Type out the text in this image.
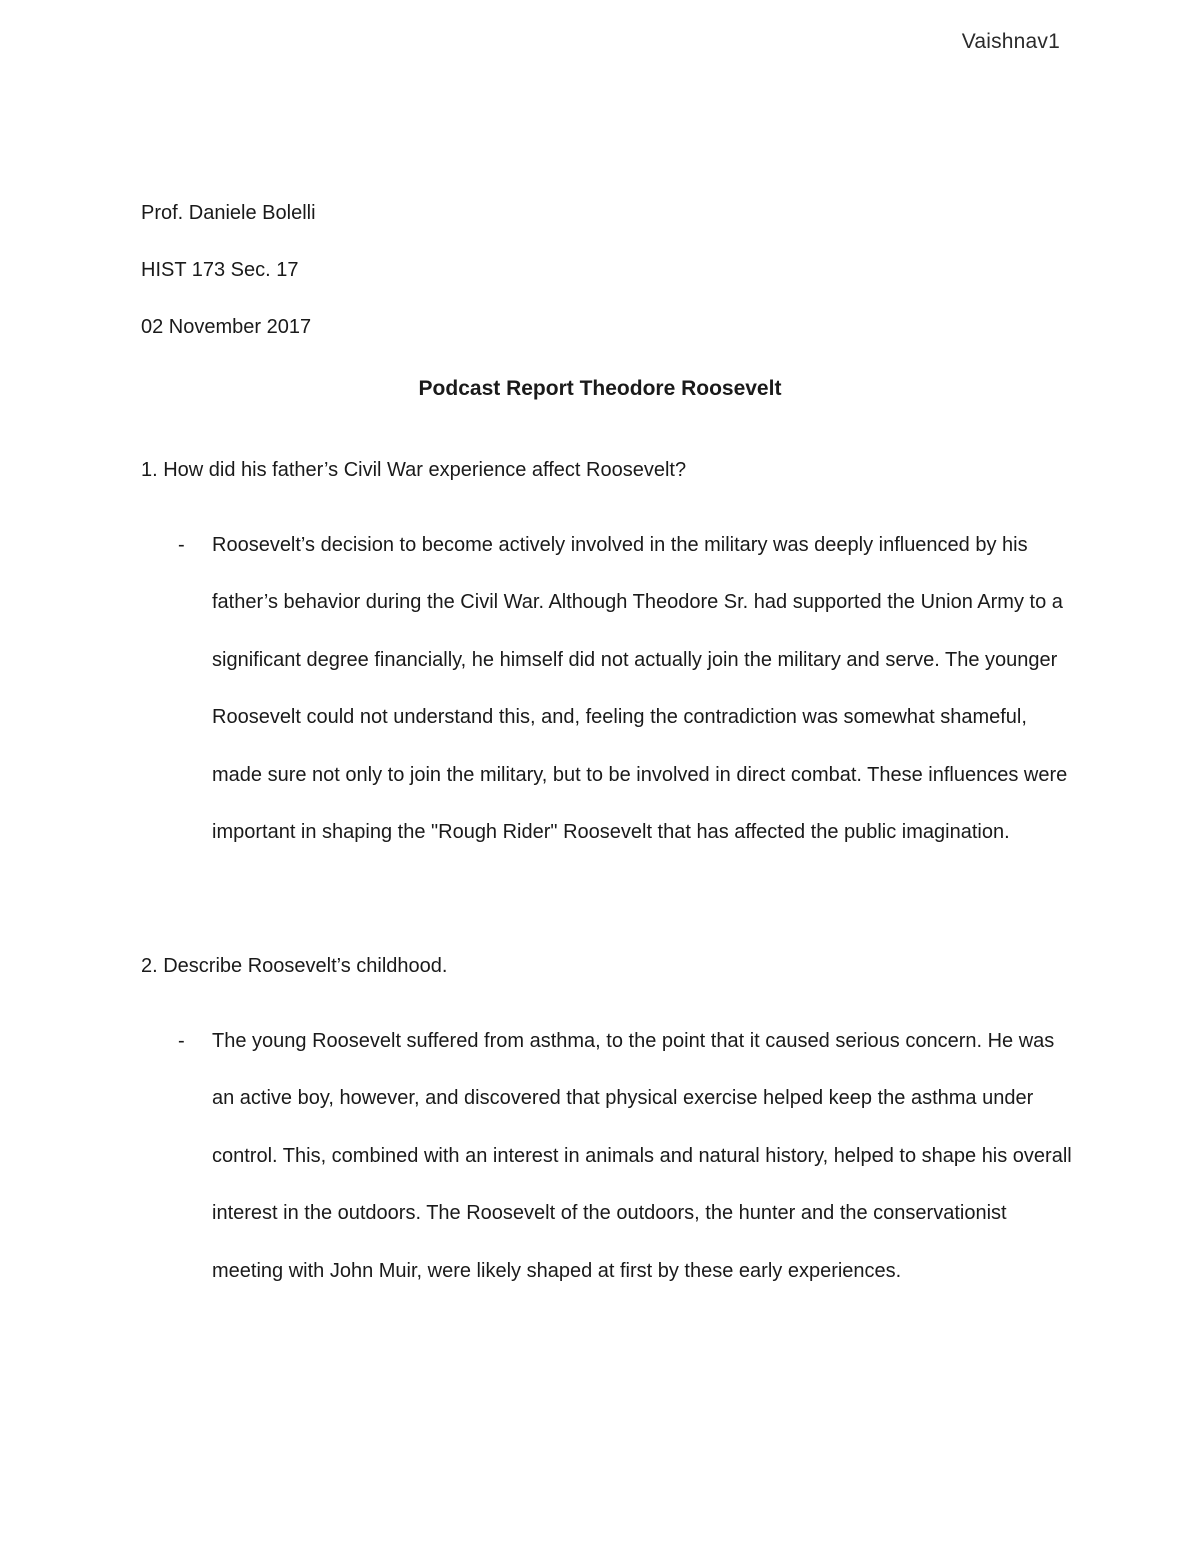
Vaishnav1
Prof. Daniele Bolelli
HIST 173 Sec. 17
02 November 2017
Podcast Report Theodore Roosevelt
1. How did his father’s Civil War experience affect Roosevelt?
-	Roosevelt’s decision to become actively involved in the military was deeply influenced by his father’s behavior during the Civil War. Although Theodore Sr. had supported the Union Army to a significant degree financially, he himself did not actually join the military and serve. The younger Roosevelt could not understand this, and, feeling the contradiction was somewhat shameful, made sure not only to join the military, but to be involved in direct combat. These influences were important in shaping the "Rough Rider" Roosevelt that has affected the public imagination.
2. Describe Roosevelt’s childhood.
-	The young Roosevelt suffered from asthma, to the point that it caused serious concern. He was an active boy, however, and discovered that physical exercise helped keep the asthma under control. This, combined with an interest in animals and natural history, helped to shape his overall interest in the outdoors. The Roosevelt of the outdoors, the hunter and the conservationist meeting with John Muir, were likely shaped at first by these early experiences.
